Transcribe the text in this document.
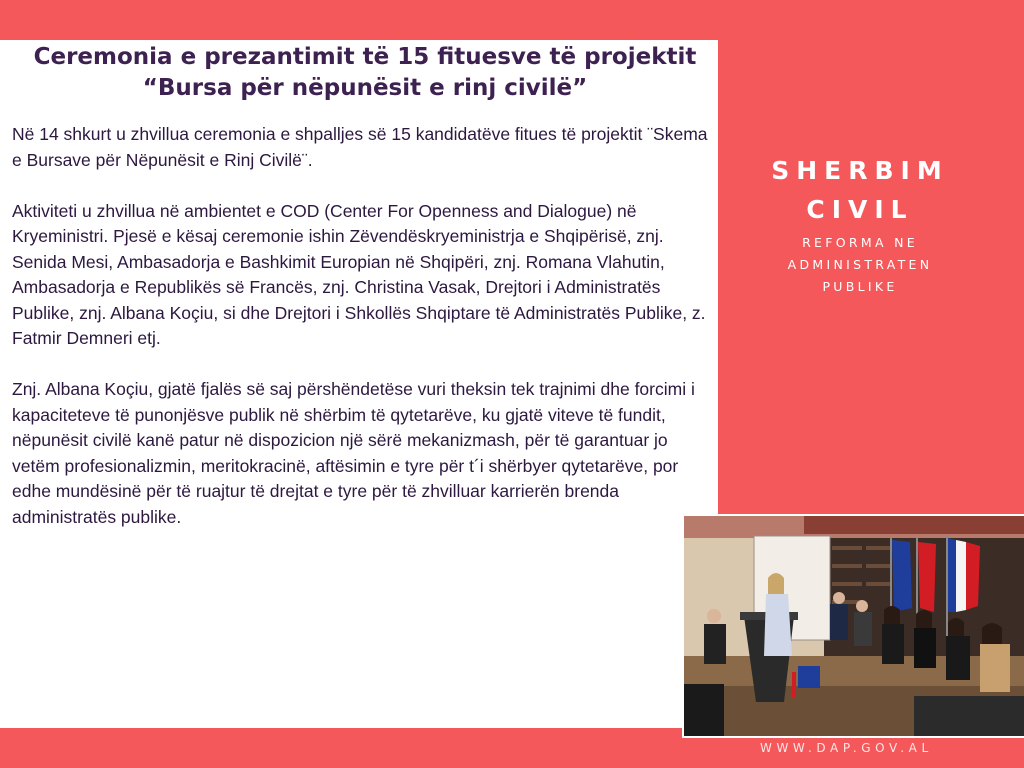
Ceremonia e prezantimit të 15 fituesve të projektit
“Bursa për nëpunësit e rinj civilë”

Në 14 shkurt u zhvillua ceremonia e shpalljes së 15 kandidatëve fitues të projektit ¨Skema e Bursave për Nëpunësit e Rinj Civilë¨.

Aktiviteti u zhvillua në ambientet e COD (Center For Openness and Dialogue) në Kryeministri. Pjesë e kësaj ceremonie ishin Zëvendëskryeministrja e Shqipërisë, znj. Senida Mesi, Ambasadorja e Bashkimit Europian në Shqipëri, znj. Romana Vlahutin, Ambasadorja e Republikës së Francës, znj. Christina Vasak, Drejtori i Administratës Publike, znj. Albana Koçiu, si dhe Drejtori i Shkollës Shqiptare të Administratës Publike, z. Fatmir Demneri etj.

Znj. Albana Koçiu, gjatë fjalës së saj përshëndetëse vuri theksin tek trajnimi dhe forcimi i kapaciteteve të punonjësve publik në shërbim të qytetarëve, ku gjatë viteve të fundit, nëpunësit civilë kanë patur në dispozicion një sërë mekanizmash, për të garantuar jo vetëm profesionalizmin, meritokracinë, aftësimin e tyre për t´i shërbyer qytetarëve, por edhe mundësinë për të ruajtur të drejtat e tyre për të zhvilluar karrierën brenda administratës publike.

SHERBIM
CIVIL
REFORMA NE
ADMINISTRATEN
PUBLIKE
WWW.DAP.GOV.AL
